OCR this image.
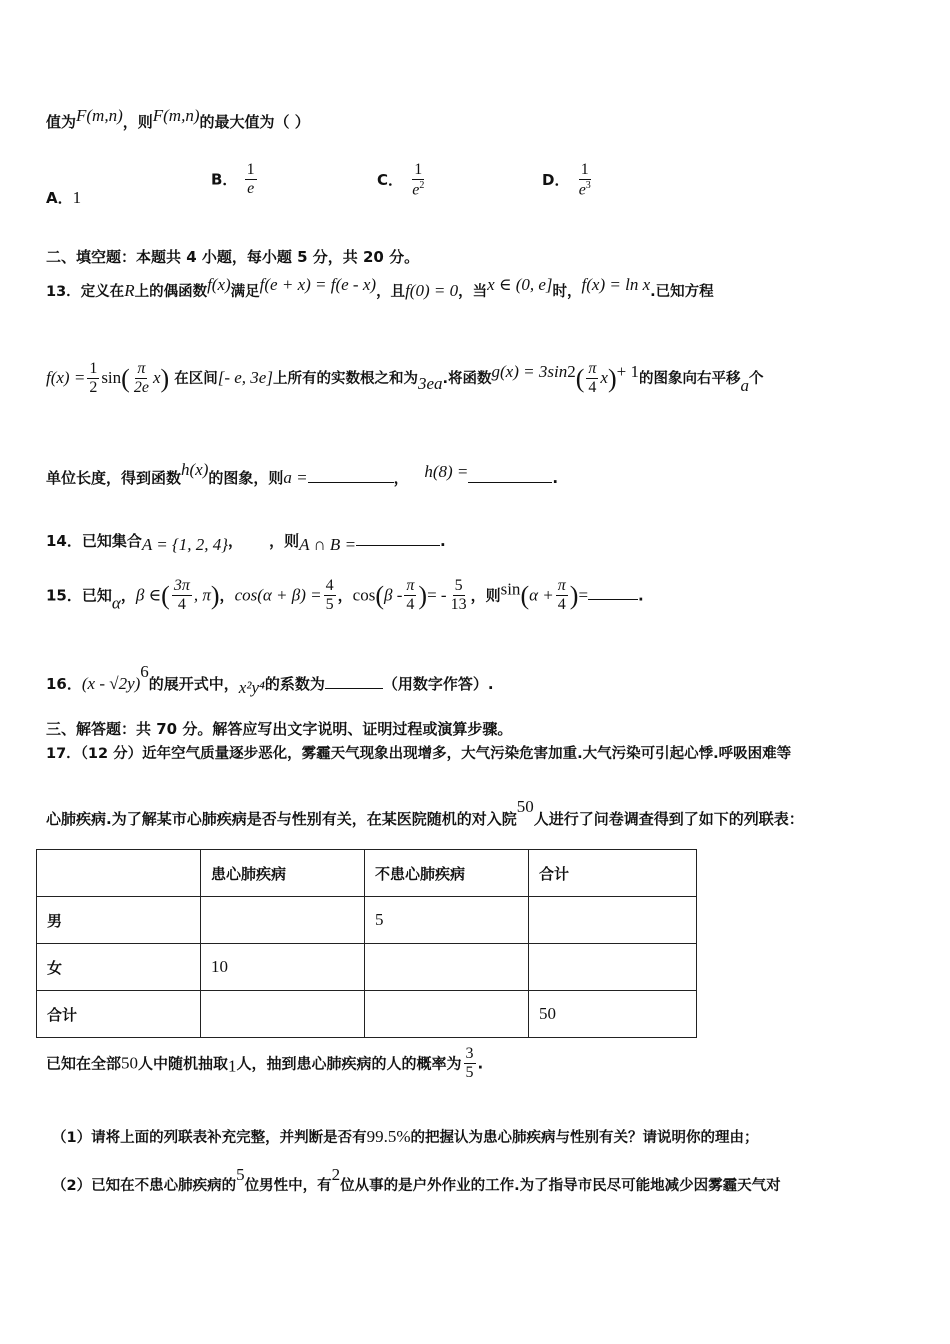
值为F(m,n)，则F(m,n)的最大值为（ ）
A．1
B． $\frac{1}{e}$	C． $\frac{1}{e^2}$	D． $\frac{1}{e^3}$
二、填空题：本题共 4 小题，每小题 5 分，共 20 分。
13．定义在R上的偶函数f(x)满足f(e + x) = f(e - x)，且f(0) = 0，当x ∈ (0, e]时，f(x) = ln x.已知方程
$f(x) = \frac{1}{2} \sin( \frac{\pi}{2e} x)$ 在区间[- e, 3e]上所有的实数根之和为3ea.将函数$g(x) = 3\sin^2( \frac{\pi}{4} x)+ 1$的图象向右平移a个
单位长度，得到函数h(x)的图象，则a =	，   h(8) =	.
14．已知集合A = {1, 2, 4}， ，则A ∩ B =	.
15．已知α，β ∈( $\frac{3\pi}{4}$ , π)，$\cos(\alpha + \beta) = \frac{4}{5}$ ，$\cos(\beta - \frac{\pi}{4}$ )= - $\frac{5}{13}$ ，则$\sin(\alpha + \frac{\pi}{4}$ )=	.
16．(x - √2y)$^6$的展开式中，x²y⁴的系数为	（用数字作答）.
三、解答题：共 70 分。解答应写出文字说明、证明过程或演算步骤。
17．（12 分）近年空气质量逐步恶化，雾霾天气现象出现增多，大气污染危害加重.大气污染可引起心悸.呼吸困难等
心肺疾病.为了解某市心肺疾病是否与性别有关，在某医院随机的对入院50人进行了问卷调查得到了如下的列联表：
	患心肺疾病	不患心肺疾病	合计
男		5	
女	10		
合计			50
已知在全部50人中随机抽取1人，抽到患心肺疾病的人的概率为 $\frac{3}{5}$ .
（1）请将上面的列联表补充完整，并判断是否有99.5%的把握认为患心肺疾病与性别有关？请说明你的理由；
（2）已知在不患心肺疾病的5位男性中，有2位从事的是户外作业的工作.为了指导市民尽可能地减少因雾霾天气对
